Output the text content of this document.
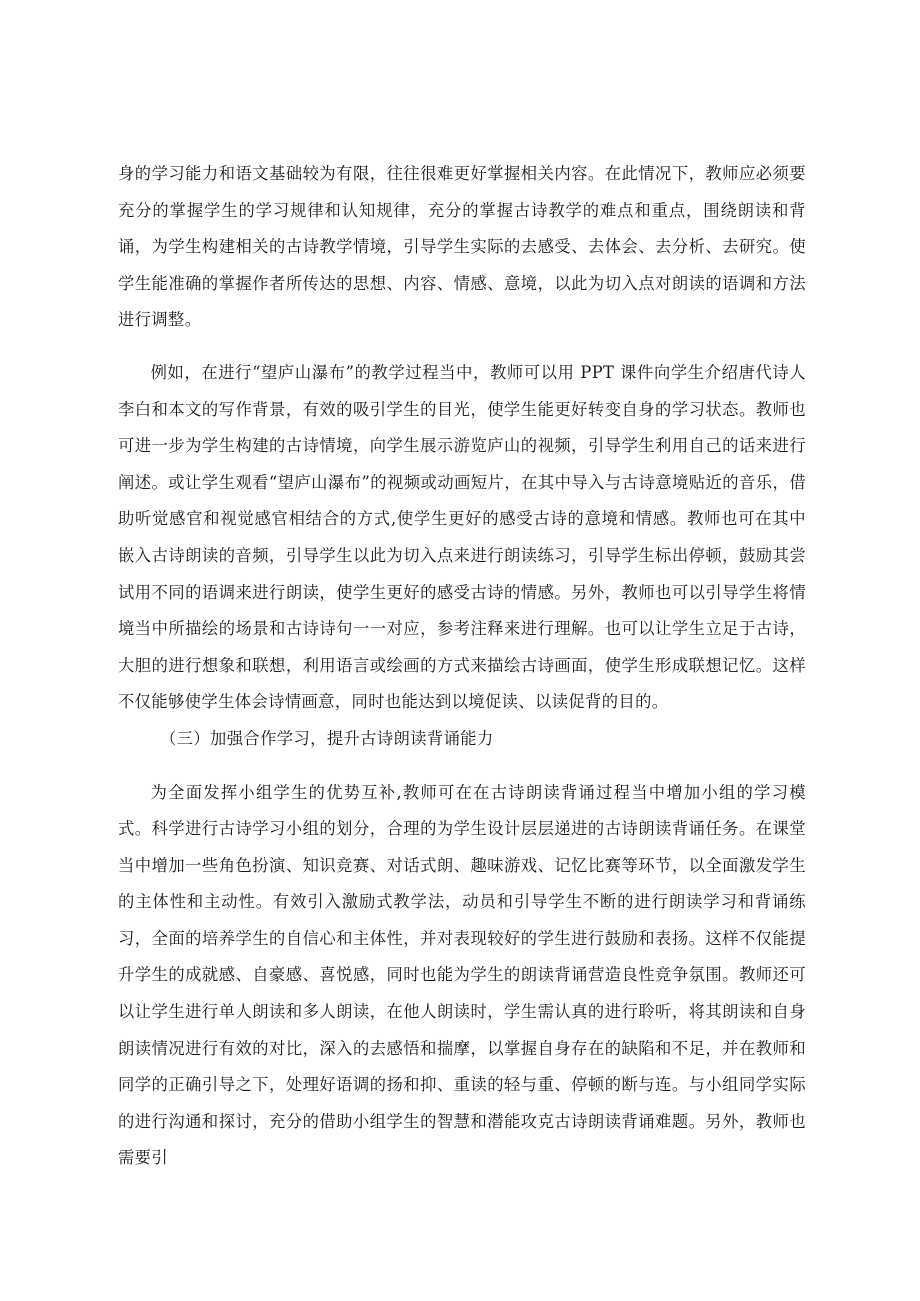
身的学习能力和语文基础较为有限，往往很难更好掌握相关内容。在此情况下，教师应必须要充分的掌握学生的学习规律和认知规律，充分的掌握古诗教学的难点和重点，围绕朗读和背诵，为学生构建相关的古诗教学情境，引导学生实际的去感受、去体会、去分析、去研究。使学生能准确的掌握作者所传达的思想、内容、情感、意境，以此为切入点对朗读的语调和方法进行调整。

例如，在进行“望庐山瀑布”的教学过程当中，教师可以用 PPT 课件向学生介绍唐代诗人李白和本文的写作背景，有效的吸引学生的目光，使学生能更好转变自身的学习状态。教师也可进一步为学生构建的古诗情境，向学生展示游览庐山的视频，引导学生利用自己的话来进行阐述。或让学生观看“望庐山瀑布”的视频或动画短片，在其中导入与古诗意境贴近的音乐，借助听觉感官和视觉感官相结合的方式,使学生更好的感受古诗的意境和情感。教师也可在其中嵌入古诗朗读的音频，引导学生以此为切入点来进行朗读练习，引导学生标出停顿，鼓励其尝试用不同的语调来进行朗读，使学生更好的感受古诗的情感。另外，教师也可以引导学生将情境当中所描绘的场景和古诗诗句一一对应，参考注释来进行理解。也可以让学生立足于古诗，大胆的进行想象和联想，利用语言或绘画的方式来描绘古诗画面，使学生形成联想记忆。这样不仅能够使学生体会诗情画意，同时也能达到以境促读、以读促背的目的。

（三）加强合作学习，提升古诗朗读背诵能力

为全面发挥小组学生的优势互补,教师可在在古诗朗读背诵过程当中增加小组的学习模式。科学进行古诗学习小组的划分，合理的为学生设计层层递进的古诗朗读背诵任务。在课堂当中增加一些角色扮演、知识竞赛、对话式朗、趣味游戏、记忆比赛等环节，以全面激发学生的主体性和主动性。有效引入激励式教学法，动员和引导学生不断的进行朗读学习和背诵练习，全面的培养学生的自信心和主体性，并对表现较好的学生进行鼓励和表扬。这样不仅能提升学生的成就感、自豪感、喜悦感，同时也能为学生的朗读背诵营造良性竞争氛围。教师还可以让学生进行单人朗读和多人朗读，在他人朗读时，学生需认真的进行聆听，将其朗读和自身朗读情况进行有效的对比，深入的去感悟和揣摩，以掌握自身存在的缺陷和不足，并在教师和同学的正确引导之下，处理好语调的扬和抑、重读的轻与重、停顿的断与连。与小组同学实际的进行沟通和探讨，充分的借助小组学生的智慧和潜能攻克古诗朗读背诵难题。另外，教师也需要引
